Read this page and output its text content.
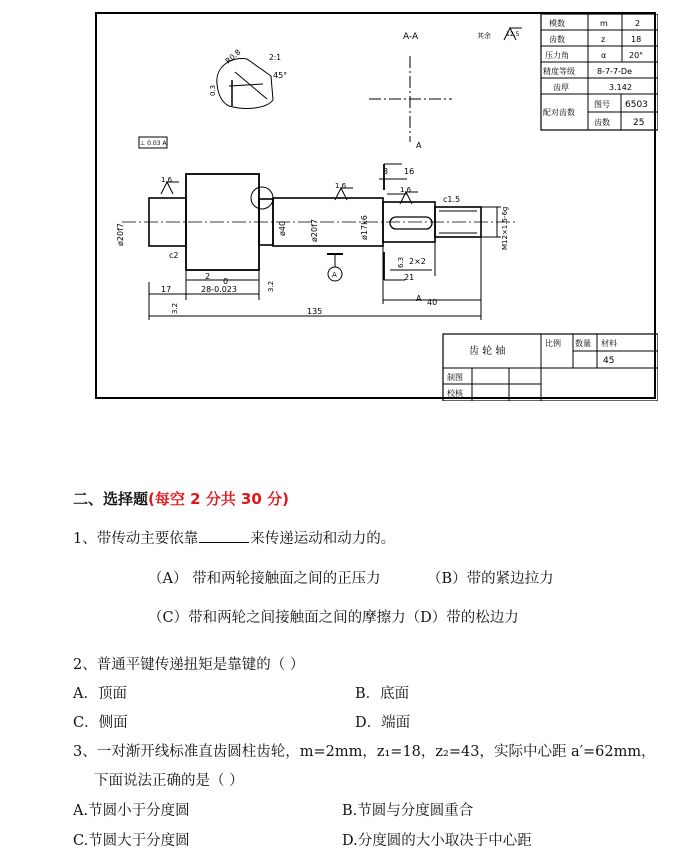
A-A	其余	12.5
R0.8	2:1
45°
0.3
⊥ 0.03 A	A
A
A
1.6
1.6	1.6
3.2
3.2
ø20f7	ø40	ø20f7	ø17k6	M12×1.5-6g
c2
c1.5
2
0
17	28-0.023
135
3 16
21
40
2×2
6.3
模数	m	2
齿数	z	18
压力角	α	20°
精度等级	8-7-7-De
齿厚	3.142
配对齿数
图号 6503
齿数	25
齿 轮 轴
比例 数量 材料
45
制图
校核
二、选择题(每空 2 分共 30 分)
1、带传动主要依靠	来传递运动和动力的。
（A） 带和两轮接触面之间的正压力	（B）带的紧边拉力
（C）带和两轮之间接触面之间的摩擦力（D）带的松边力
2、普通平键传递扭矩是靠键的（ ）
A．顶面	B．底面
C．侧面	D．端面
3、一对渐开线标准直齿圆柱齿轮，m=2mm，z₁=18，z₂=43，实际中心距 a′=62mm，
下面说法正确的是（ ）
A.节圆小于分度圆	B.节圆与分度圆重合
C.节圆大于分度圆	D.分度圆的大小取决于中心距
